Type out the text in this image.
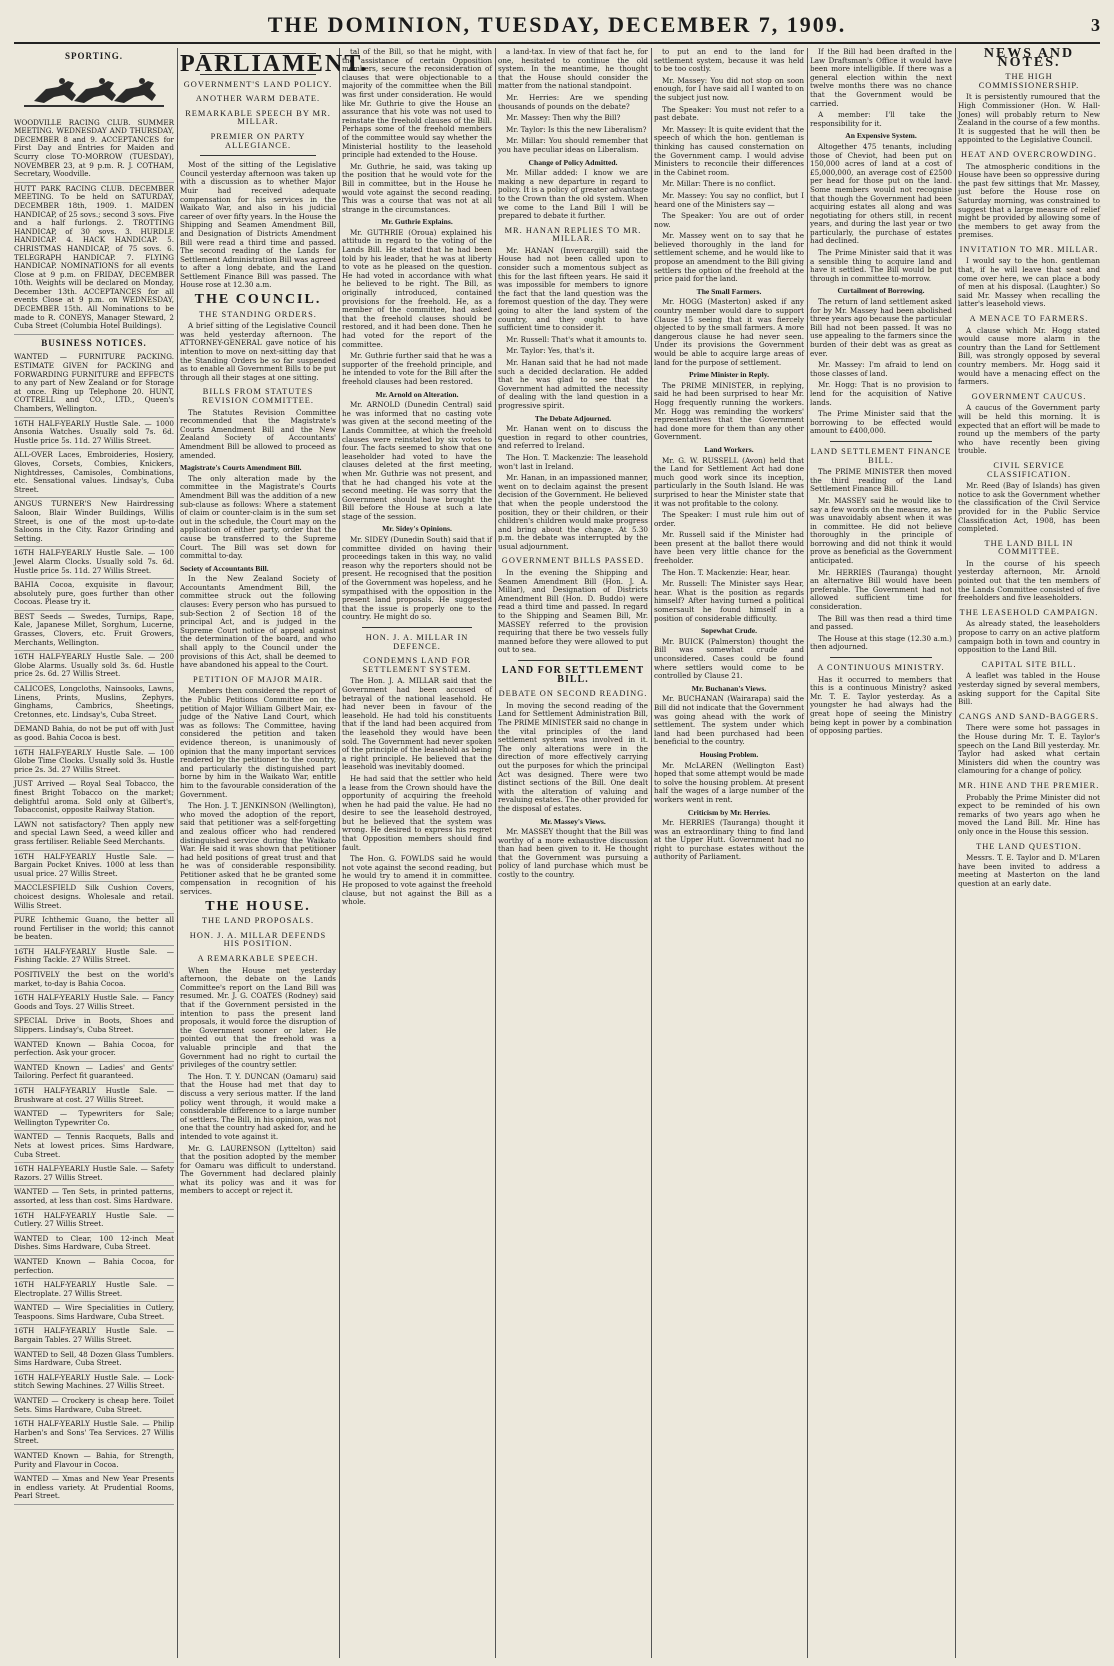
THE DOMINION, TUESDAY, DECEMBER 7, 1909.	3
SPORTING.

WOODVILLE RACING CLUB. SUMMER MEETING. WEDNESDAY AND THURSDAY, DECEMBER 8 and 9. ACCEPTANCES for First Day and Entries for Maiden and Scurry close TO-MORROW (TUESDAY), NOVEMBER 23, at 9 p.m. R. J. COTHAM, Secretary, Woodville.

HUTT PARK RACING CLUB. DECEMBER MEETING. To be held on SATURDAY, DECEMBER 18th, 1909. 1. MAIDEN HANDICAP, of 25 sovs.; second 3 sovs. Five and a half furlongs. 2. TROTTING HANDICAP, of 30 sovs. 3. HURDLE HANDICAP. 4. HACK HANDICAP. 5. CHRISTMAS HANDICAP, of 75 sovs. 6. TELEGRAPH HANDICAP. 7. FLYING HANDICAP. NOMINATIONS for all events Close at 9 p.m. on FRIDAY, DECEMBER 10th. Weights will be declared on Monday, December 13th. ACCEPTANCES for all events Close at 9 p.m. on WEDNESDAY, DECEMBER 15th. All Nominations to be made to R. CONEYS, Manager Steward, 2 Cuba Street (Columbia Hotel Buildings).

BUSINESS NOTICES.

WANTED — FURNITURE PACKING. ESTIMATE GIVEN for PACKING and FORWARDING FURNITURE and EFFECTS to any part of New Zealand or for Storage at once. Ring up Telephone 20. HUNT, COTTRELL and CO., LTD., Queen's Chambers, Wellington.

16TH HALF-YEARLY Hustle Sale. — 1000 Ansonia Watches. Usually sold 7s. 6d. Hustle price 5s. 11d. 27 Willis Street.

ALL-OVER Laces, Embroideries, Hosiery, Gloves, Corsets, Combies, Knickers, Nightdresses, Camisoles, Combinations, etc. Sensational values. Lindsay's, Cuba Street.

ANGUS TURNER'S New Hairdressing Saloon, Blair Winder Buildings, Willis Street, is one of the most up-to-date Saloons in the City. Razor Grinding and Setting.

16TH HALF-YEARLY Hustle Sale. — 100 Jewel Alarm Clocks. Usually sold 7s. 6d. Hustle price 5s. 11d. 27 Willis Street.

BAHIA Cocoa, exquisite in flavour, absolutely pure, goes further than other Cocoas. Please try it.

BEST Seeds — Swedes, Turnips, Rape, Kale, Japanese Millet, Sorghum, Lucerne, Grasses, Clovers, etc. Fruit Growers, Merchants, Wellington.

16TH HALF-YEARLY Hustle Sale. — 200 Globe Alarms. Usually sold 3s. 6d. Hustle price 2s. 6d. 27 Willis Street.

CALICOES, Longcloths, Nainsooks, Lawns, Linens, Prints, Muslins, Zephyrs, Ginghams, Cambrics, Sheetings, Cretonnes, etc. Lindsay's, Cuba Street.

DEMAND Bahia, do not be put off with Just as good. Bahia Cocoa is best.

16TH HALF-YEARLY Hustle Sale. — 100 Globe Time Clocks. Usually sold 3s. Hustle price 2s. 3d. 27 Willis Street.

JUST Arrived — Royal Seal Tobacco, the finest Bright Tobacco on the market; delightful aroma. Sold only at Gilbert's, Tobacconist, opposite Railway Station.

LAWN not satisfactory? Then apply new and special Lawn Seed, a weed killer and grass fertiliser. Reliable Seed Merchants.

16TH HALF-YEARLY Hustle Sale. — Bargain Pocket Knives. 1000 at less than usual price. 27 Willis Street.

MACCLESFIELD Silk Cushion Covers, choicest designs. Wholesale and retail. Willis Street.

PURE Ichthemic Guano, the better all round Fertiliser in the world; this cannot be beaten.

16TH HALF-YEARLY Hustle Sale. — Fishing Tackle. 27 Willis Street.

POSITIVELY the best on the world's market, to-day is Bahia Cocoa.

16TH HALF-YEARLY Hustle Sale. — Fancy Goods and Toys. 27 Willis Street.

SPECIAL Drive in Boots, Shoes and Slippers. Lindsay's, Cuba Street.

WANTED Known — Bahia Cocoa, for perfection. Ask your grocer.

WANTED Known — Ladies' and Gents' Tailoring. Perfect fit guaranteed.

16TH HALF-YEARLY Hustle Sale. — Brushware at cost. 27 Willis Street.

WANTED — Typewriters for Sale; Wellington Typewriter Co.

WANTED — Tennis Racquets, Balls and Nets at lowest prices. Sims Hardware, Cuba Street.

16TH HALF-YEARLY Hustle Sale. — Safety Razors. 27 Willis Street.

WANTED — Ten Sets, in printed patterns, assorted, at less than cost. Sims Hardware.

16TH HALF-YEARLY Hustle Sale. — Cutlery. 27 Willis Street.

WANTED to Clear, 100 12-inch Meat Dishes. Sims Hardware, Cuba Street.

WANTED Known — Bahia Cocoa, for perfection.

16TH HALF-YEARLY Hustle Sale. — Electroplate. 27 Willis Street.

WANTED — Wire Specialities in Cutlery, Teaspoons. Sims Hardware, Cuba Street.

16TH HALF-YEARLY Hustle Sale. — Bargain Tables. 27 Willis Street.

WANTED to Sell, 48 Dozen Glass Tumblers. Sims Hardware, Cuba Street.

16TH HALF-YEARLY Hustle Sale. — Lock-stitch Sewing Machines. 27 Willis Street.

WANTED — Crockery is cheap here. Toilet Sets. Sims Hardware, Cuba Street.

16TH HALF-YEARLY Hustle Sale. — Philip Harben's and Sons' Tea Services. 27 Willis Street.

WANTED Known — Bahia, for Strength, Purity and Flavour in Cocoa.

WANTED — Xmas and New Year Presents in endless variety. At Prudential Rooms, Pearl Street.

PARLIAMENT.
GOVERNMENT'S LAND POLICY.
ANOTHER WARM DEBATE.
REMARKABLE SPEECH BY MR. MILLAR.
PREMIER ON PARTY ALLEGIANCE.

Most of the sitting of the Legislative Council yesterday afternoon was taken up with a discussion as to whether Major Muir had received adequate compensation for his services in the Waikato War, and also in his judicial career of over fifty years. In the House the Shipping and Seamen Amendment Bill, and Designation of Districts Amendment Bill were read a third time and passed. The second reading of the Lands for Settlement Administration Bill was agreed to after a long debate, and the Land Settlement Finance Bill was passed. The House rose at 12.30 a.m.

THE COUNCIL.
THE STANDING ORDERS.

A brief sitting of the Legislative Council was held yesterday afternoon. The ATTORNEY-GENERAL gave notice of his intention to move on next-sitting day that the Standing Orders be so far suspended as to enable all Government Bills to be put through all their stages at one sitting.

BILLS FROM STATUTES REVISION COMMITTEE.

The Statutes Revision Committee recommended that the Magistrate's Courts Amendment Bill and the New Zealand Society of Accountants' Amendment Bill be allowed to proceed as amended.

Magistrate's Courts Amendment Bill.

The only alteration made by the committee in the Magistrate's Courts Amendment Bill was the addition of a new sub-clause as follows: Where a statement of claim or counter-claim is in the sum set out in the schedule, the Court may on the application of either party, order that the cause be transferred to the Supreme Court. The Bill was set down for committal to-day.

Society of Accountants Bill.

In the New Zealand Society of Accountants Amendment Bill, the committee struck out the following clauses: Every person who has pursued to sub-Section 2 of Section 18 of the principal Act, and is judged in the Supreme Court notice of appeal against the determination of the board, and who shall apply to the Council under the provisions of this Act, shall be deemed to have abandoned his appeal to the Court.

PETITION OF MAJOR MAIR.

Members then considered the report of the Public Petitions Committee on the petition of Major William Gilbert Mair, ex-judge of the Native Land Court, which was as follows: The Committee, having considered the petition and taken evidence thereon, is unanimously of opinion that the many important services rendered by the petitioner to the country, and particularly the distinguished part borne by him in the Waikato War, entitle him to the favourable consideration of the Government.

The Hon. J. T. JENKINSON (Wellington), who moved the adoption of the report, said that petitioner was a self-forgetting and zealous officer who had rendered distinguished service during the Waikato War. He said it was shown that petitioner had held positions of great trust and that he was of considerable responsibility. Petitioner asked that he be granted some compensation in recognition of his services.

THE HOUSE.
THE LAND PROPOSALS.
HON. J. A. MILLAR DEFENDS HIS POSITION.
A REMARKABLE SPEECH.

When the House met yesterday afternoon, the debate on the Lands Committee's report on the Land Bill was resumed. Mr. J. G. COATES (Rodney) said that if the Government persisted in the intention to pass the present land proposals, it would force the disruption of the Government sooner or later. He pointed out that the freehold was a valuable principle and that the Government had no right to curtail the privileges of the country settler.

The Hon. T. Y. DUNCAN (Oamaru) said that the House had met that day to discuss a very serious matter. If the land policy went through, it would make a considerable difference to a large number of settlers. The Bill, in his opinion, was not one that the country had asked for, and he intended to vote against it.

Mr. G. LAURENSON (Lyttelton) said that the position adopted by the member for Oamaru was difficult to understand. The Government had declared plainly what its policy was and it was for members to accept or reject it.

tal of the Bill, so that he might, with the assistance of certain Opposition members, secure the reconsideration of clauses that were objectionable to a majority of the committee when the Bill was first under consideration. He would like Mr. Guthrie to give the House an assurance that his vote was not used to reinstate the freehold clauses of the Bill. Perhaps some of the freehold members of the committee would say whether the Ministerial hostility to the leasehold principle had extended to the House.

Mr. Guthrie, he said, was taking up the position that he would vote for the Bill in committee, but in the House he would vote against the second reading. This was a course that was not at all strange in the circumstances.

Mr. Guthrie Explains.

Mr. GUTHRIE (Oroua) explained his attitude in regard to the voting of the Lands Bill. He stated that he had been told by his leader, that he was at liberty to vote as he pleased on the question. He had voted in accordance with what he believed to be right. The Bill, as originally introduced, contained provisions for the freehold. He, as a member of the committee, had asked that the freehold clauses should be restored, and it had been done. Then he had voted for the report of the committee.

Mr. Guthrie further said that he was a supporter of the freehold principle, and he intended to vote for the Bill after the freehold clauses had been restored.

Mr. Arnold on Alteration.

Mr. ARNOLD (Dunedin Central) said he was informed that no casting vote was given at the second meeting of the Lands Committee, at which the freehold clauses were reinstated by six votes to four. The facts seemed to show that one leaseholder had voted to have the clauses deleted at the first meeting, when Mr. Guthrie was not present, and that he had changed his vote at the second meeting. He was sorry that the Government should have brought the Bill before the House at such a late stage of the session.

Mr. Sidey's Opinions.

Mr. SIDEY (Dunedin South) said that if committee divided on having their proceedings taken in this way, no valid reason why the reporters should not be present. He recognised that the position of the Government was hopeless, and he sympathised with the opposition in the present land proposals. He suggested that the issue is properly one to the country. He might do so.

HON. J. A. MILLAR IN DEFENCE.
CONDEMNS LAND FOR SETTLEMENT SYSTEM.

The Hon. J. A. MILLAR said that the Government had been accused of betrayal of the national leasehold. He had never been in favour of the leasehold. He had told his constituents that if the land had been acquired from the leasehold they would have been sold. The Government had never spoken of the principle of the leasehold as being a right principle. He believed that the leasehold was inevitably doomed.

He had said that the settler who held a lease from the Crown should have the opportunity of acquiring the freehold when he had paid the value. He had no desire to see the leasehold destroyed, but he believed that the system was wrong. He desired to express his regret that Opposition members should find fault.

The Hon. G. FOWLDS said he would not vote against the second reading, but he would try to amend it in committee. He proposed to vote against the freehold clause, but not against the Bill as a whole.

a land-tax. In view of that fact he, for one, hesitated to continue the old system. In the meantime, he thought that the House should consider the matter from the national standpoint.

Mr. Herries: Are we spending thousands of pounds on the debate?

Mr. Massey: Then why the Bill?

Mr. Taylor: Is this the new Liberalism?

Mr. Millar: You should remember that you have peculiar ideas on Liberalism.

Change of Policy Admitted.

Mr. Millar added: I know we are making a new departure in regard to policy. It is a policy of greater advantage to the Crown than the old system. When we come to the Land Bill I will be prepared to debate it further.

MR. HANAN REPLIES TO MR. MILLAR.

Mr. HANAN (Invercargill) said the House had not been called upon to consider such a momentous subject as this for the last fifteen years. He said it was impossible for members to ignore the fact that the land question was the foremost question of the day. They were going to alter the land system of the country, and they ought to have sufficient time to consider it.

Mr. Russell: That's what it amounts to.

Mr. Taylor: Yes, that's it.

Mr. Hanan said that he had not made such a decided declaration. He added that he was glad to see that the Government had admitted the necessity of dealing with the land question in a progressive spirit.

The Debate Adjourned.

Mr. Hanan went on to discuss the question in regard to other countries, and referred to Ireland.

The Hon. T. Mackenzie: The leasehold won't last in Ireland.

Mr. Hanan, in an impassioned manner, went on to declaim against the present decision of the Government. He believed that when the people understood the position, they or their children, or their children's children would make progress and bring about the change. At 5.30 p.m. the debate was interrupted by the usual adjournment.

GOVERNMENT BILLS PASSED.

In the evening the Shipping and Seamen Amendment Bill (Hon. J. A. Millar), and Designation of Districts Amendment Bill (Hon. D. Buddo) were read a third time and passed. In regard to the Shipping and Seamen Bill, Mr. MASSEY referred to the provision requiring that there be two vessels fully manned before they were allowed to put out to sea.

LAND FOR SETTLEMENT BILL.
DEBATE ON SECOND READING.

In moving the second reading of the Land for Settlement Administration Bill, The PRIME MINISTER said no change in the vital principles of the land settlement system was involved in it. The only alterations were in the direction of more effectively carrying out the purposes for which the principal Act was designed. There were two distinct sections of the Bill. One dealt with the alteration of valuing and revaluing estates. The other provided for the disposal of estates.

Mr. Massey's Views.

Mr. MASSEY thought that the Bill was worthy of a more exhaustive discussion than had been given to it. He thought that the Government was pursuing a policy of land purchase which must be costly to the country.

to put an end to the land for settlement system, because it was held to be too costly.

Mr. Massey: You did not stop on soon enough, for I have said all I wanted to on the subject just now.

The Speaker: You must not refer to a past debate.

Mr. Massey: It is quite evident that the speech of which the hon. gentleman is thinking has caused consternation on the Government camp. I would advise Ministers to reconcile their differences in the Cabinet room.

Mr. Millar: There is no conflict.

Mr. Massey: You say no conflict, but I heard one of the Ministers say —

The Speaker: You are out of order now.

Mr. Massey went on to say that he believed thoroughly in the land for settlement scheme, and he would like to propose an amendment to the Bill giving settlers the option of the freehold at the price paid for the land.

The Small Farmers.

Mr. HOGG (Masterton) asked if any country member would dare to support Clause 15 seeing that it was fiercely objected to by the small farmers. A more dangerous clause he had never seen. Under its provisions the Government would be able to acquire large areas of land for the purpose of settlement.

Prime Minister in Reply.

The PRIME MINISTER, in replying, said he had been surprised to hear Mr. Hogg frequently running the workers. Mr. Hogg was reminding the workers' representatives that the Government had done more for them than any other Government.

Land Workers.

Mr. G. W. RUSSELL (Avon) held that the Land for Settlement Act had done much good work since its inception, particularly in the South Island. He was surprised to hear the Minister state that it was not profitable to the colony.

The Speaker: I must rule him out of order.

Mr. Russell said if the Minister had been present at the ballot there would have been very little chance for the freeholder.

The Hon. T. Mackenzie: Hear, hear.

Mr. Russell: The Minister says Hear, hear. What is the position as regards himself? After having turned a political somersault he found himself in a position of considerable difficulty.

Sopewhat Crude.

Mr. BUICK (Palmerston) thought the Bill was somewhat crude and unconsidered. Cases could be found where settlers would come to be controlled by Clause 21.

Mr. Buchanan's Views.

Mr. BUCHANAN (Wairarapa) said the Bill did not indicate that the Government was going ahead with the work of settlement. The system under which land had been purchased had been beneficial to the country.

Housing Problem.

Mr. McLAREN (Wellington East) hoped that some attempt would be made to solve the housing problem. At present half the wages of a large number of the workers went in rent.

Criticism by Mr. Herries.

Mr. HERRIES (Tauranga) thought it was an extraordinary thing to find land at the Upper Hutt. Government had no right to purchase estates without the authority of Parliament.

If the Bill had been drafted in the Law Draftsman's Office it would have been more intelligible. If there was a general election within the next twelve months there was no chance that the Government would be carried.

A member: I'll take the responsibility for it.

An Expensive System.

Altogether 475 tenants, including those of Cheviot, had been put on 150,000 acres of land at a cost of £5,000,000, an average cost of £2500 per head for those put on the land. Some members would not recognise that though the Government had been acquiring estates all along and was negotiating for others still, in recent years, and during the last year or two particularly, the purchase of estates had declined.

The Prime Minister said that it was a sensible thing to acquire land and have it settled. The Bill would be put through in committee to-morrow.

Curtailment of Borrowing.

The return of land settlement asked for by Mr. Massey had been abolished three years ago because the particular Bill had not been passed. It was no use appealing to the farmers since the burden of their debt was as great as ever.

Mr. Massey: I'm afraid to lend on those classes of land.

Mr. Hogg: That is no provision to lend for the acquisition of Native lands.

The Prime Minister said that the borrowing to be effected would amount to £400,000.

LAND SETTLEMENT FINANCE BILL.

The PRIME MINISTER then moved the third reading of the Land Settlement Finance Bill.

Mr. MASSEY said he would like to say a few words on the measure, as he was unavoidably absent when it was in committee. He did not believe thoroughly in the principle of borrowing and did not think it would prove as beneficial as the Government anticipated.

Mr. HERRIES (Tauranga) thought an alternative Bill would have been preferable. The Government had not allowed sufficient time for consideration.

The Bill was then read a third time and passed.

The House at this stage (12.30 a.m.) then adjourned.

A CONTINUOUS MINISTRY.

Has it occurred to members that this is a continuous Ministry? asked Mr. T. E. Taylor yesterday. As a youngster he had always had the great hope of seeing the Ministry being kept in power by a combination of opposing parties.

NEWS AND NOTES.
THE HIGH COMMISSIONERSHIP.

It is persistently rumoured that the High Commissioner (Hon. W. Hall-Jones) will probably return to New Zealand in the course of a few months. It is suggested that he will then be appointed to the Legislative Council.

HEAT AND OVERCROWDING.

The atmospheric conditions in the House have been so oppressive during the past few sittings that Mr. Massey, just before the House rose on Saturday morning, was constrained to suggest that a large measure of relief might be provided by allowing some of the members to get away from the premises.

INVITATION TO MR. MILLAR.

I would say to the hon. gentleman that, if he will leave that seat and come over here, we can place a body of men at his disposal. (Laughter.) So said Mr. Massey when recalling the latter's leasehold views.

A MENACE TO FARMERS.

A clause which Mr. Hogg stated would cause more alarm in the country than the Land for Settlement Bill, was strongly opposed by several country members. Mr. Hogg said it would have a menacing effect on the farmers.

GOVERNMENT CAUCUS.

A caucus of the Government party will be held this morning. It is expected that an effort will be made to round up the members of the party who have recently been giving trouble.

CIVIL SERVICE CLASSIFICATION.

Mr. Reed (Bay of Islands) has given notice to ask the Government whether the classification of the Civil Service provided for in the Public Service Classification Act, 1908, has been completed.

THE LAND BILL IN COMMITTEE.

In the course of his speech yesterday afternoon, Mr. Arnold pointed out that the ten members of the Lands Committee consisted of five freeholders and five leaseholders.

THE LEASEHOLD CAMPAIGN.

As already stated, the leaseholders propose to carry on an active platform campaign both in town and country in opposition to the Land Bill.

CAPITAL SITE BILL.

A leaflet was tabled in the House yesterday signed by several members, asking support for the Capital Site Bill.

CANGS AND SAND-BAGGERS.

There were some hot passages in the House during Mr. T. E. Taylor's speech on the Land Bill yesterday. Mr. Taylor had asked what certain Ministers did when the country was clamouring for a change of policy.

MR. HINE AND THE PREMIER.

Probably the Prime Minister did not expect to be reminded of his own remarks of two years ago when he moved the Land Bill. Mr. Hine has only once in the House this session.

THE LAND QUESTION.

Messrs. T. E. Taylor and D. M'Laren have been invited to address a meeting at Masterton on the land question at an early date.
